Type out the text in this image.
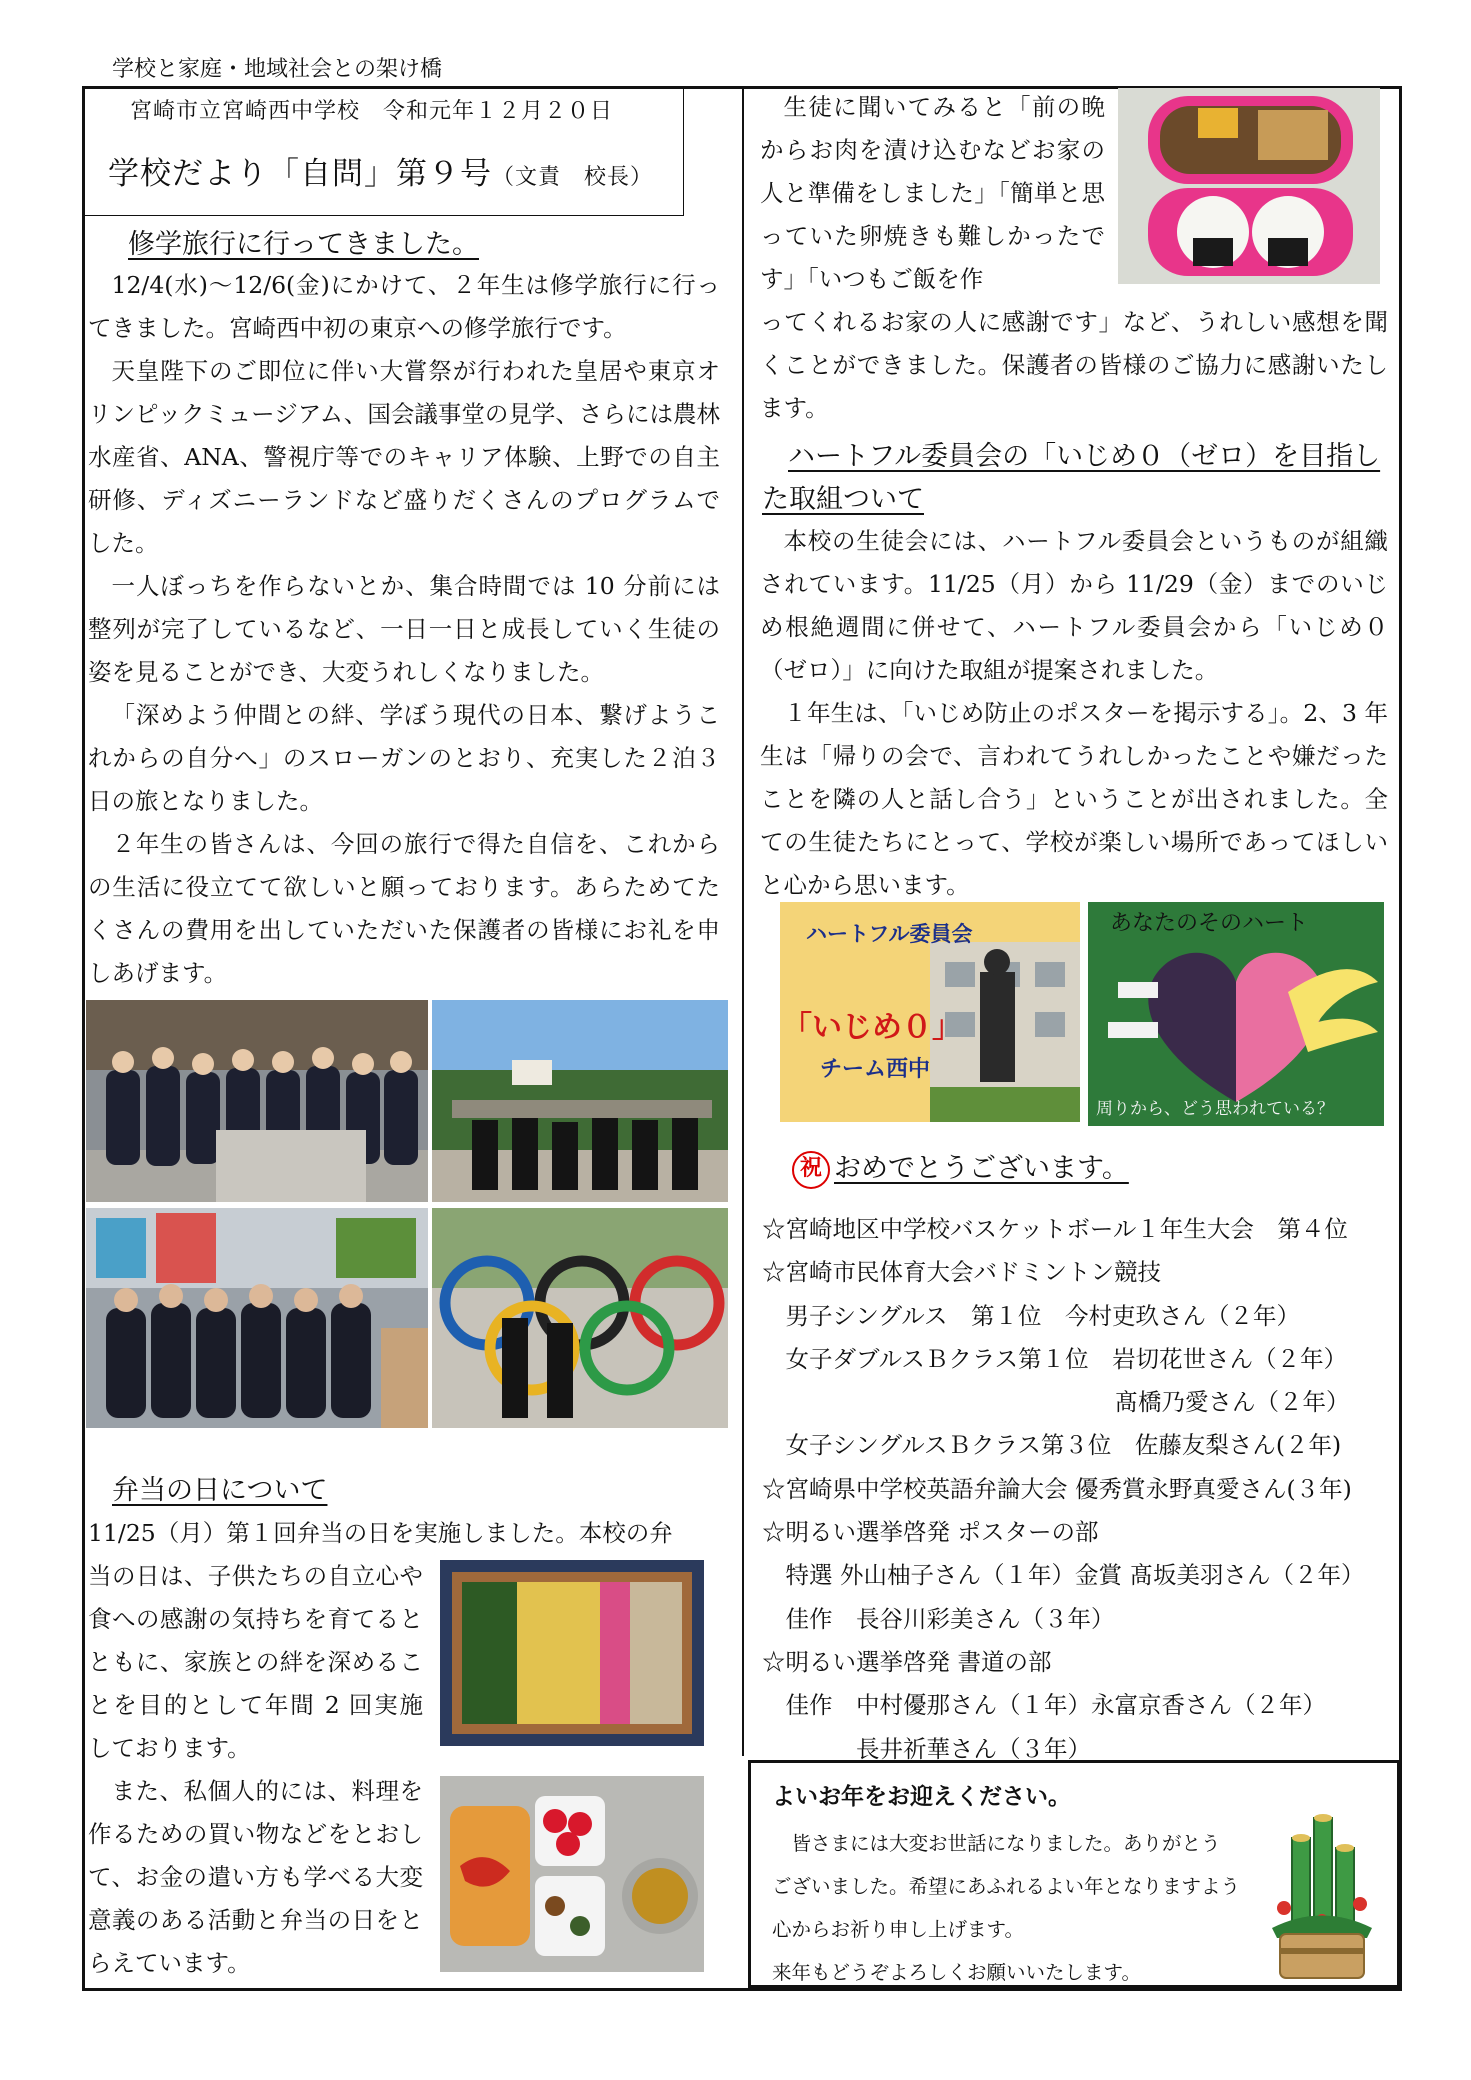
学校と家庭・地域社会との架け橋
宮崎市立宮崎西中学校　令和元年１２月２０日
学校だより「自問」第９号（文責　校長）
修学旅行に行ってきました。

12/4(水)～12/6(金)にかけて、２年生は修学旅行に行ってきました。宮崎西中初の東京への修学旅行です。

天皇陛下のご即位に伴い大嘗祭が行われた皇居や東京オリンピックミュージアム、国会議事堂の見学、さらには農林水産省、ANA、警視庁等でのキャリア体験、上野での自主研修、ディズニーランドなど盛りだくさんのプログラムでした。

一人ぼっちを作らないとか、集合時間では 10 分前には整列が完了しているなど、一日一日と成長していく生徒の姿を見ることができ、大変うれしくなりました。

「深めよう仲間との絆、学ぼう現代の日本、繋げようこれからの自分へ」のスローガンのとおり、充実した２泊３日の旅となりました。

２年生の皆さんは、今回の旅行で得た自信を、これからの生活に役立てて欲しいと願っております。あらためてたくさんの費用を出していただいた保護者の皆様にお礼を申しあげます。

弁当の日について
11/25（月）第１回弁当の日を実施しました。本校の弁

当の日は、子供たちの自立心や食への感謝の気持ちを育てるとともに、家族との絆を深めることを目的として年間 2 回実施しております。

また、私個人的には、料理を作るための買い物などをとおして、お金の遣い方も学べる大変意義のある活動と弁当の日をとらえています。

生徒に聞いてみると「前の晩からお肉を漬け込むなどお家の人と準備をしました」「簡単と思っていた卵焼きも難しかったです」「いつもご飯を作

ってくれるお家の人に感謝です」など、うれしい感想を聞くことができました。保護者の皆様のご協力に感謝いたします。

ハートフル委員会の「いじめ０（ゼロ）を目指し
た取組ついて

本校の生徒会には、ハートフル委員会というものが組織されています。11/25（月）から 11/29（金）までのいじめ根絶週間に併せて、ハートフル委員会から「いじめ０（ゼロ）」に向けた取組が提案されました。

１年生は、「いじめ防止のポスターを掲示する」。2、3 年生は「帰りの会で、言われてうれしかったことや嫌だったことを隣の人と話し合う」ということが出されました。全ての生徒たちにとって、学校が楽しい場所であってほしいと心から思います。

ハートフル委員会
「いじめ０」
チーム西中
あなたのそのハート
周りから、どう思われている？
祝 おめでとうございます。
☆宮崎地区中学校バスケットボール１年生大会　第４位
☆宮崎市民体育大会バドミントン競技
　男子シングルス　第１位　今村吏玖さん（２年）
　女子ダブルスＢクラス第１位　岩切花世さん（２年）
　　　　　　　　　　　　　　　髙橋乃愛さん（２年）
　女子シングルスＢクラス第３位　佐藤友梨さん(２年)
☆宮崎県中学校英語弁論大会 優秀賞永野真愛さん(３年)
☆明るい選挙啓発 ポスターの部
　特選 外山柚子さん（１年）金賞 髙坂美羽さん（２年）
　佳作　長谷川彩美さん（３年）
☆明るい選挙啓発 書道の部
　佳作　中村優那さん（１年）永富京香さん（２年）
　　　　長井祈華さん（３年）
よいお年をお迎えください。

　皆さまには大変お世話になりました。ありがとう

ございました。希望にあふれるよい年となりますよう

心からお祈り申し上げます。

来年もどうぞよろしくお願いいたします。
